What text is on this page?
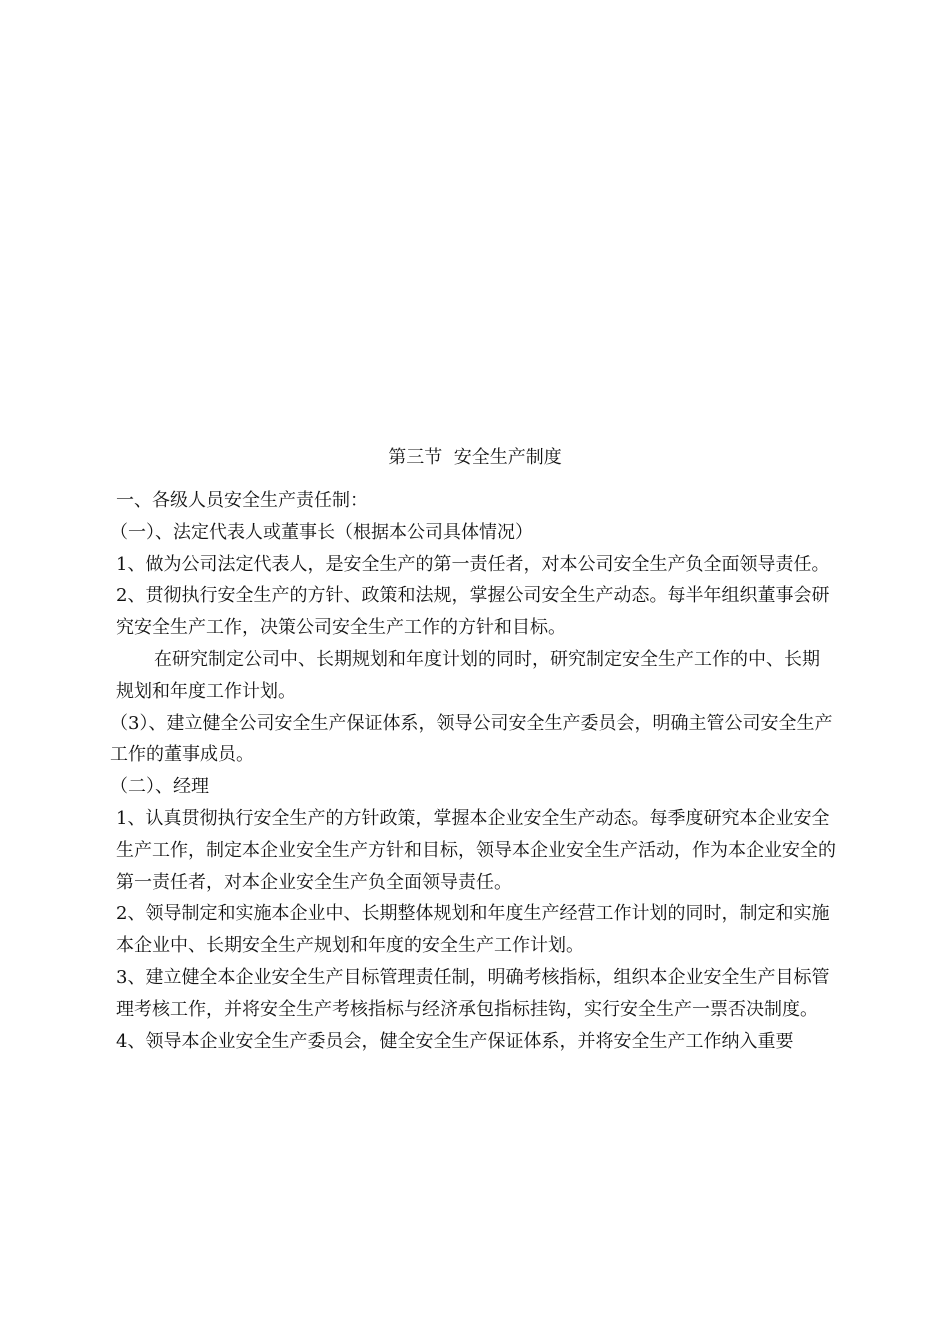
第三节  安全生产制度

一、各级人员安全生产责任制：

（一）、法定代表人或董事长（根据本公司具体情况）

1、做为公司法定代表人，是安全生产的第一责任者，对本公司安全生产负全面领导责任。

2、贯彻执行安全生产的方针、政策和法规，掌握公司安全生产动态。每半年组织董事会研究安全生产工作，决策公司安全生产工作的方针和目标。

在研究制定公司中、长期规划和年度计划的同时，研究制定安全生产工作的中、长期规划和年度工作计划。

（3）、建立健全公司安全生产保证体系，领导公司安全生产委员会，明确主管公司安全生产工作的董事成员。

（二）、经理

1、认真贯彻执行安全生产的方针政策，掌握本企业安全生产动态。每季度研究本企业安全生产工作，制定本企业安全生产方针和目标，领导本企业安全生产活动，作为本企业安全的第一责任者，对本企业安全生产负全面领导责任。

2、领导制定和实施本企业中、长期整体规划和年度生产经营工作计划的同时，制定和实施本企业中、长期安全生产规划和年度的安全生产工作计划。

3、建立健全本企业安全生产目标管理责任制，明确考核指标，组织本企业安全生产目标管理考核工作，并将安全生产考核指标与经济承包指标挂钩，实行安全生产一票否决制度。

4、领导本企业安全生产委员会，健全安全生产保证体系，并将安全生产工作纳入重要
